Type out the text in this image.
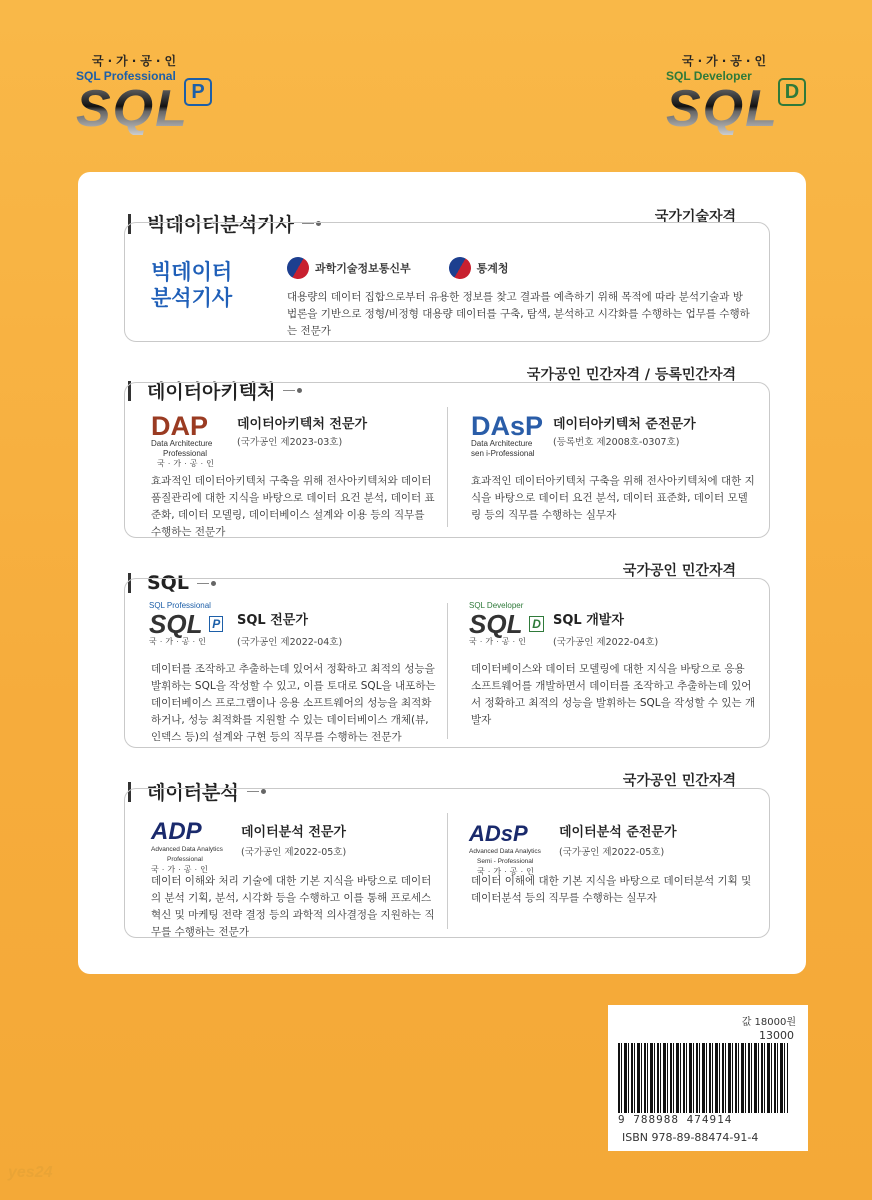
국·가·공·인
SQL Professional
SQL P
국·가·공·인
SQL Developer
SQL D
빅데이터분석기사	국가기술자격
빅데이터
분석기사
과학기술정보통신부	통계청
대용량의 데이터 집합으로부터 유용한 정보를 찾고 결과를 예측하기 위해 목적에 따라 분석기술과 방법론을 기반으로 정형/비정형 대용량 데이터를 구축, 탐색, 분석하고 시각화를 수행하는 업무를 수행하는 전문가
데이터아키텍처
국가공인 민간자격 / 등록민간자격
DAP
Data Architecture
Professional
국·가·공·인
데이터아키텍처 전문가
(국가공인 제2023-03호)
효과적인 데이터아키텍처 구축을 위해 전사아키텍처와 데이터 품질관리에 대한 지식을 바탕으로 데이터 요건 분석, 데이터 표준화, 데이터 모델링, 데이터베이스 설계와 이용 등의 직무를 수행하는 전문가
DAsP
Data Architecture
sen i-Professional
데이터아키텍처 준전문가
(등록번호 제2008호-0307호)
효과적인 데이터아키텍처 구축을 위해 전사아키텍처에 대한 지식을 바탕으로 데이터 요건 분석, 데이터 표준화, 데이터 모델링 등의 직무를 수행하는 실무자
SQL
국가공인 민간자격
SQL Professional
SQL $^P$
국·가·공·인
SQL 전문가
(국가공인 제2022-04호)
데이터를 조작하고 추출하는데 있어서 정확하고 최적의 성능을 발휘하는 SQL을 작성할 수 있고, 이를 토대로 SQL을 내포하는 데이터베이스 프로그램이나 응용 소프트웨어의 성능을 최적화 하거나, 성능 최적화를 지원할 수 있는 데이터베이스 개체(뷰, 인덱스 등)의 설계와 구현 등의 직무를 수행하는 전문가
SQL Developer
SQL $^D$
국·가·공·인
SQL 개발자
(국가공인 제2022-04호)
데이터베이스와 데이터 모델링에 대한 지식을 바탕으로 응용 소프트웨어를 개발하면서 데이터를 조작하고 추출하는데 있어서 정확하고 최적의 성능을 발휘하는 SQL을 작성할 수 있는 개발자
데이터분석
국가공인 민간자격
ADP
Advanced Data Analytics
Professional
국·가·공·인
데이터분석 전문가
(국가공인 제2022-05호)
데이터 이해와 처리 기술에 대한 기본 지식을 바탕으로 데이터의 분석 기획, 분석, 시각화 등을 수행하고 이를 통해 프로세스 혁신 및 마케팅 전략 결정 등의 과학적 의사결정을 지원하는 직무를 수행하는 전문가
ADsP
Advanced Data Analytics
Semi - Professional
국·가·공·인
데이터분석 준전문가
(국가공인 제2022-05호)
데이터 이해에 대한 기본 지식을 바탕으로 데이터분석 기획 및 데이터분석 등의 직무를 수행하는 실무자
값 18000원
13000
9 788988 474914
ISBN 978-89-88474-91-4
yes24
